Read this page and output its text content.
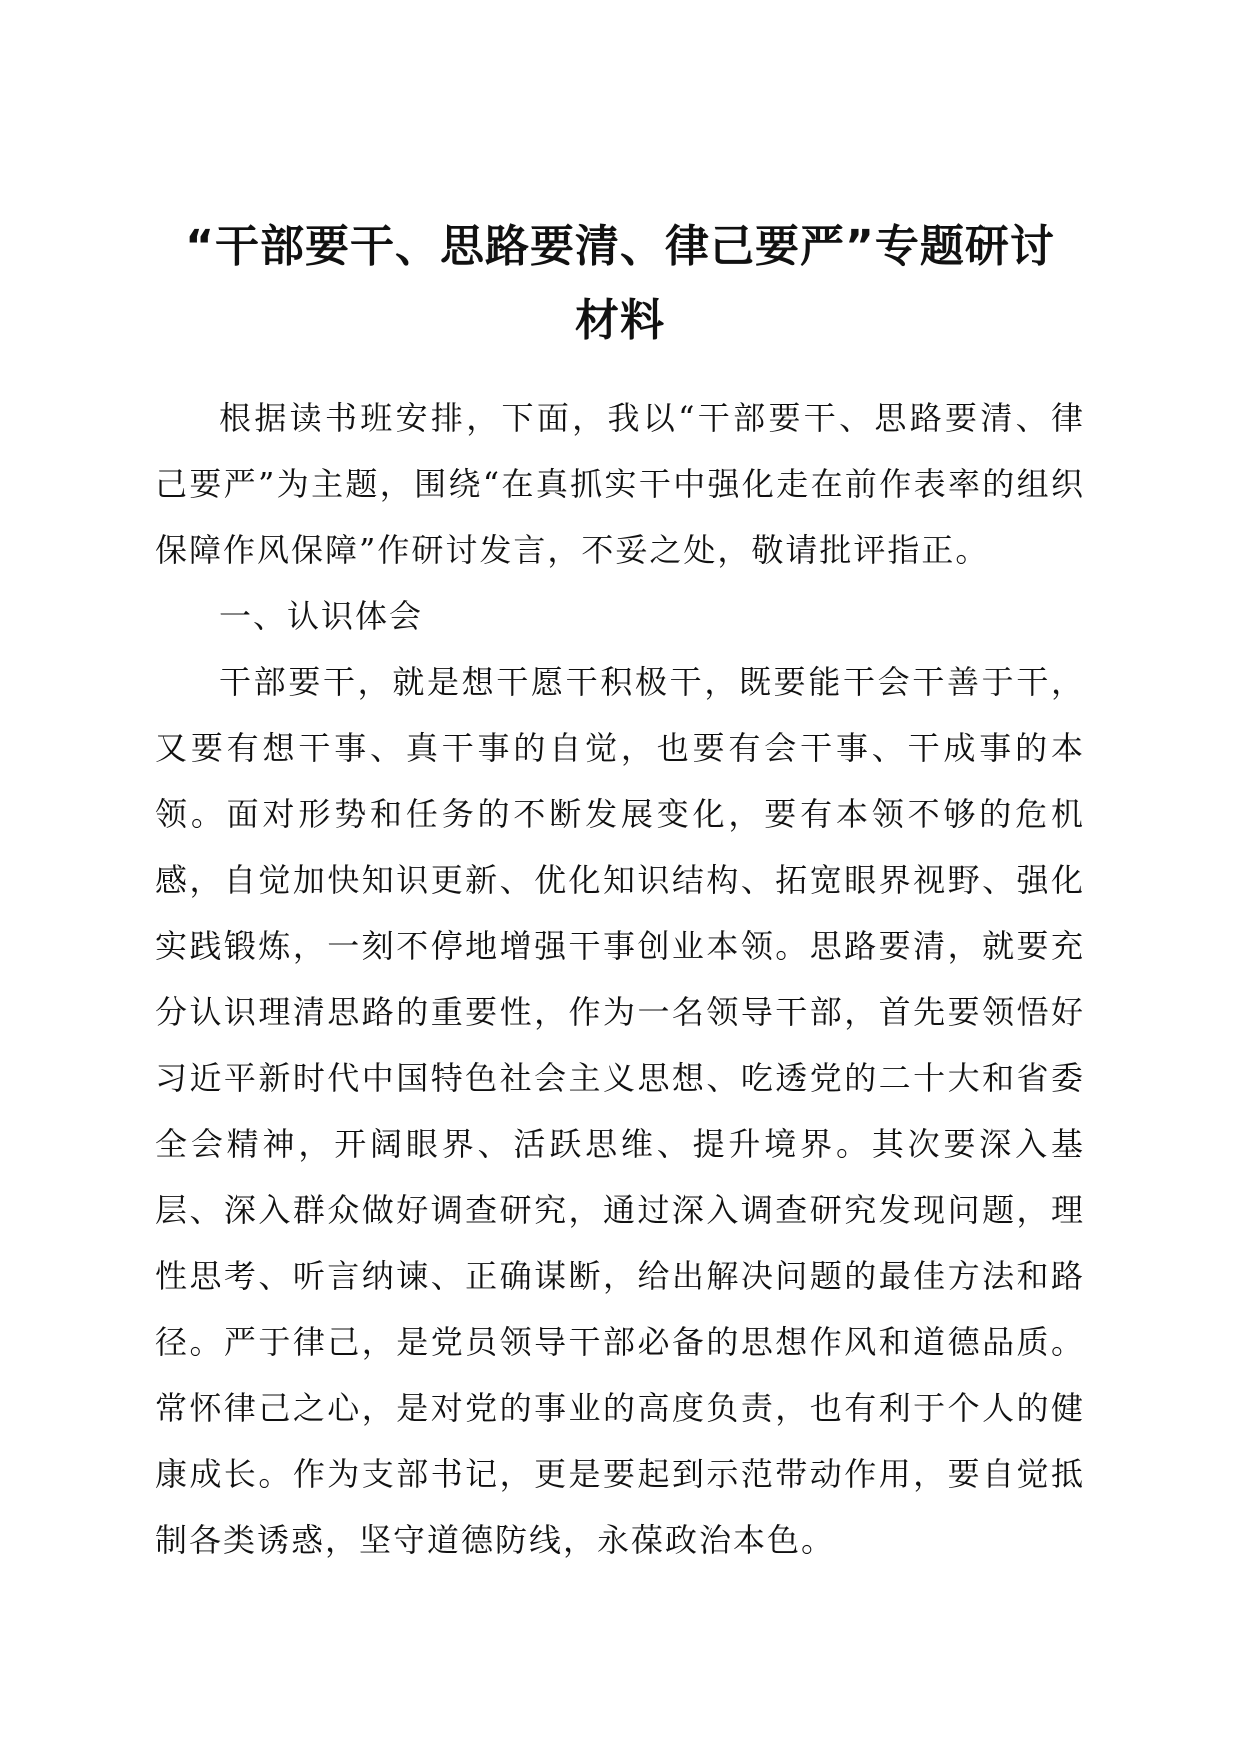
“干部要干、思路要清、律己要严”专题研讨
材料

根据读书班安排，下面，我以“干部要干、思路要清、律己要严”为主题，围绕“在真抓实干中强化走在前作表率的组织保障作风保障”作研讨发言，不妥之处，敬请批评指正。

一、认识体会

干部要干，就是想干愿干积极干，既要能干会干善于干，又要有想干事、真干事的自觉，也要有会干事、干成事的本领。面对形势和任务的不断发展变化，要有本领不够的危机感，自觉加快知识更新、优化知识结构、拓宽眼界视野、强化实践锻炼，一刻不停地增强干事创业本领。思路要清，就要充分认识理清思路的重要性，作为一名领导干部，首先要领悟好习近平新时代中国特色社会主义思想、吃透党的二十大和省委全会精神，开阔眼界、活跃思维、提升境界。其次要深入基层、深入群众做好调查研究，通过深入调查研究发现问题，理性思考、听言纳谏、正确谋断，给出解决问题的最佳方法和路径。严于律己，是党员领导干部必备的思想作风和道德品质。常怀律己之心，是对党的事业的高度负责，也有利于个人的健康成长。作为支部书记，更是要起到示范带动作用，要自觉抵制各类诱惑，坚守道德防线，永葆政治本色。
